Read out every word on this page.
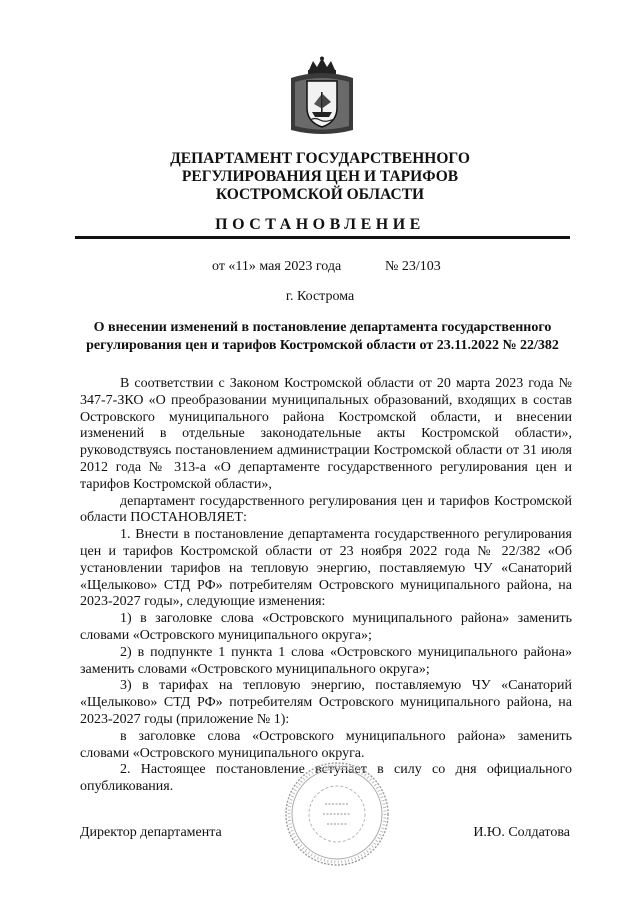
ДЕПАРТАМЕНТ ГОСУДАРСТВЕННОГО
РЕГУЛИРОВАНИЯ ЦЕН И ТАРИФОВ
КОСТРОМСКОЙ ОБЛАСТИ
ПОСТАНОВЛЕНИЕ
от «11» мая 2023 года	№ 23/103
г. Кострома
О внесении изменений в постановление департамента государственного регулирования цен и тарифов Костромской области от 23.11.2022 № 22/382

В соответствии с Законом Костромской области от 20 марта 2023 года № 347-7-ЗКО «О преобразовании муниципальных образований, входящих в состав Островского муниципального района Костромской области, и внесении изменений в отдельные законодательные акты Костромской области», руководствуясь постановлением администрации Костромской области от 31 июля 2012 года № 313-а «О департаменте государственного регулирования цен и тарифов Костромской области»,

департамент государственного регулирования цен и тарифов Костромской области ПОСТАНОВЛЯЕТ:

1. Внести в постановление департамента государственного регулирования цен и тарифов Костромской области от 23 ноября 2022 года № 22/382 «Об установлении тарифов на тепловую энергию, поставляемую ЧУ «Санаторий «Щелыково» СТД РФ» потребителям Островского муниципального района, на 2023-2027 годы», следующие изменения:

1) в заголовке слова «Островского муниципального района» заменить словами «Островского муниципального округа»;

2) в подпункте 1 пункта 1 слова «Островского муниципального района» заменить словами «Островского муниципального округа»;

3) в тарифах на тепловую энергию, поставляемую ЧУ «Санаторий «Щелыково» СТД РФ» потребителям Островского муниципального района, на 2023-2027 годы (приложение № 1):

в заголовке слова «Островского муниципального района» заменить словами «Островского муниципального округа.

2. Настоящее постановление вступает в силу со дня официального опубликования.

Директор департамента	И.Ю. Солдатова
